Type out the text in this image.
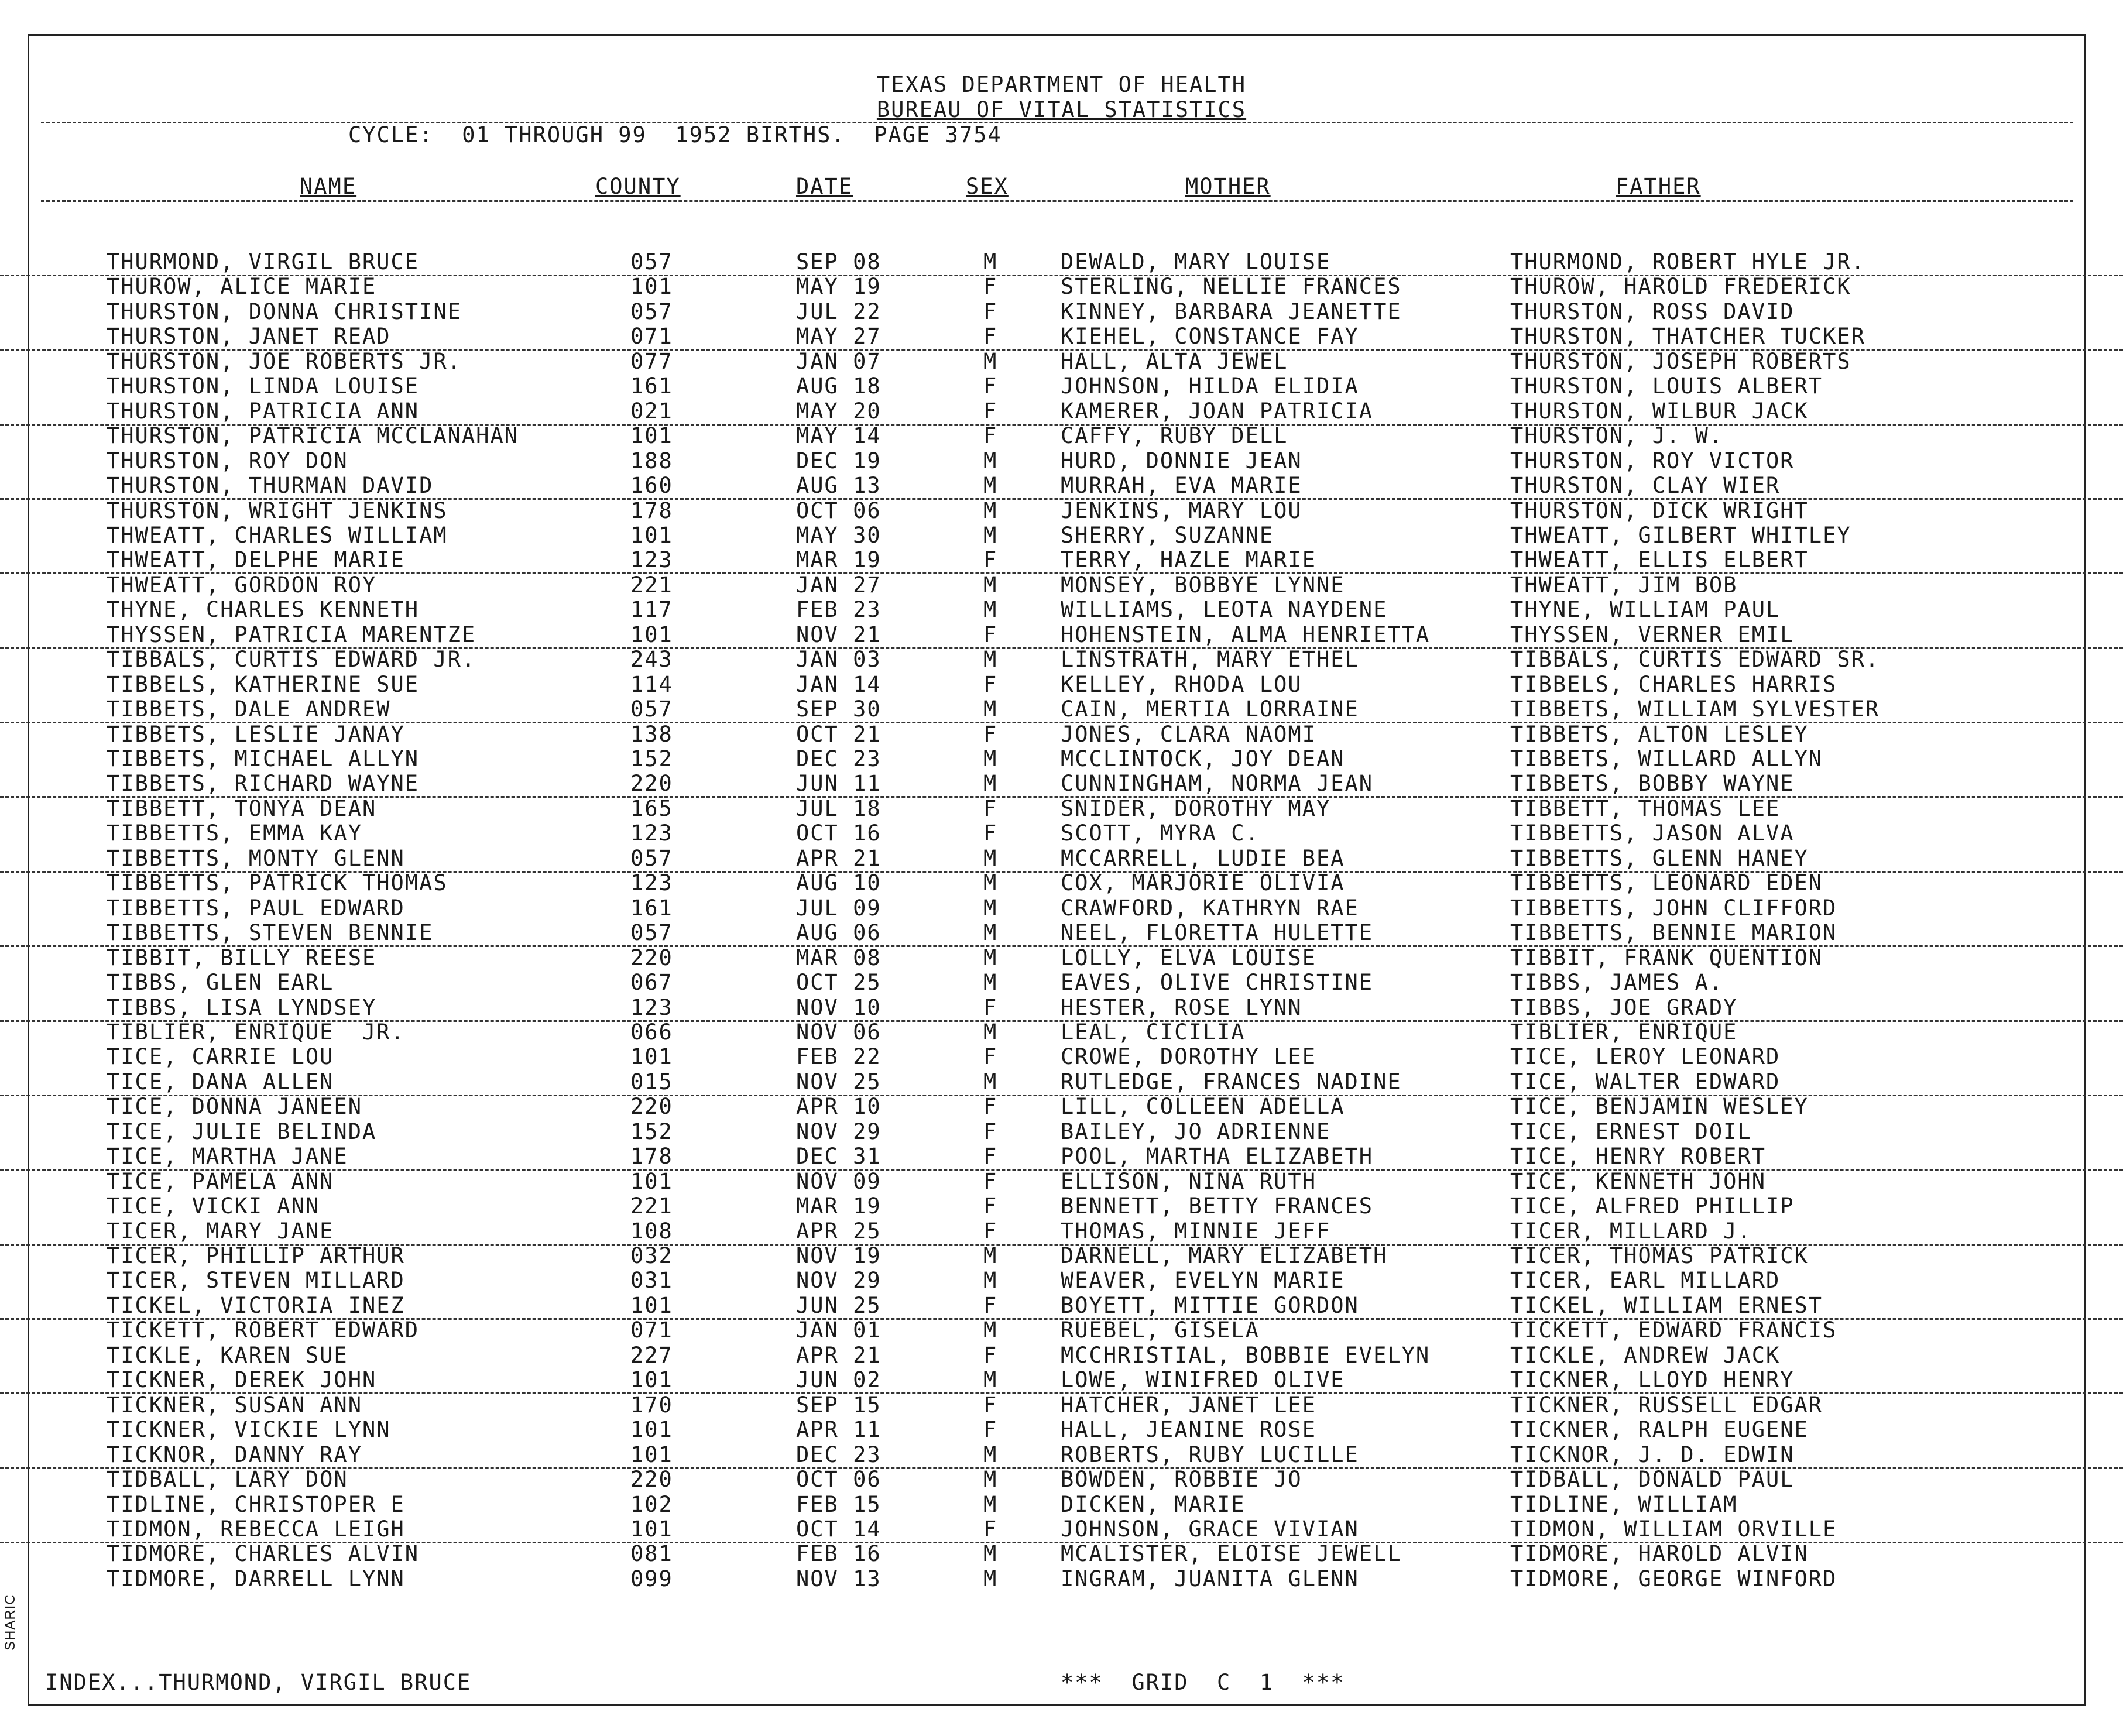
TEXAS DEPARTMENT OF HEALTH
BUREAU OF VITAL STATISTICS
CYCLE:  01 THROUGH 99  1952 BIRTHS.  PAGE 3754
NAME	COUNTY	DATE	SEX	MOTHER	FATHER
THURMOND, VIRGIL BRUCE	057	SEP 08	M	DEWALD, MARY LOUISE	THURMOND, ROBERT HYLE JR.
THUROW, ALICE MARIE	101	MAY 19	F	STERLING, NELLIE FRANCES	THUROW, HAROLD FREDERICK
THURSTON, DONNA CHRISTINE	057	JUL 22	F	KINNEY, BARBARA JEANETTE	THURSTON, ROSS DAVID
THURSTON, JANET READ	071	MAY 27	F	KIEHEL, CONSTANCE FAY	THURSTON, THATCHER TUCKER
THURSTON, JOE ROBERTS JR.	077	JAN 07	M	HALL, ALTA JEWEL	THURSTON, JOSEPH ROBERTS
THURSTON, LINDA LOUISE	161	AUG 18	F	JOHNSON, HILDA ELIDIA	THURSTON, LOUIS ALBERT
THURSTON, PATRICIA ANN	021	MAY 20	F	KAMERER, JOAN PATRICIA	THURSTON, WILBUR JACK
THURSTON, PATRICIA MCCLANAHAN	101	MAY 14	F	CAFFY, RUBY DELL	THURSTON, J. W.
THURSTON, ROY DON	188	DEC 19	M	HURD, DONNIE JEAN	THURSTON, ROY VICTOR
THURSTON, THURMAN DAVID	160	AUG 13	M	MURRAH, EVA MARIE	THURSTON, CLAY WIER
THURSTON, WRIGHT JENKINS	178	OCT 06	M	JENKINS, MARY LOU	THURSTON, DICK WRIGHT
THWEATT, CHARLES WILLIAM	101	MAY 30	M	SHERRY, SUZANNE	THWEATT, GILBERT WHITLEY
THWEATT, DELPHE MARIE	123	MAR 19	F	TERRY, HAZLE MARIE	THWEATT, ELLIS ELBERT
THWEATT, GORDON ROY	221	JAN 27	M	MONSEY, BOBBYE LYNNE	THWEATT, JIM BOB
THYNE, CHARLES KENNETH	117	FEB 23	M	WILLIAMS, LEOTA NAYDENE	THYNE, WILLIAM PAUL
THYSSEN, PATRICIA MARENTZE	101	NOV 21	F	HOHENSTEIN, ALMA HENRIETTA	THYSSEN, VERNER EMIL
TIBBALS, CURTIS EDWARD JR.	243	JAN 03	M	LINSTRATH, MARY ETHEL	TIBBALS, CURTIS EDWARD SR.
TIBBELS, KATHERINE SUE	114	JAN 14	F	KELLEY, RHODA LOU	TIBBELS, CHARLES HARRIS
TIBBETS, DALE ANDREW	057	SEP 30	M	CAIN, MERTIA LORRAINE	TIBBETS, WILLIAM SYLVESTER
TIBBETS, LESLIE JANAY	138	OCT 21	F	JONES, CLARA NAOMI	TIBBETS, ALTON LESLEY
TIBBETS, MICHAEL ALLYN	152	DEC 23	M	MCCLINTOCK, JOY DEAN	TIBBETS, WILLARD ALLYN
TIBBETS, RICHARD WAYNE	220	JUN 11	M	CUNNINGHAM, NORMA JEAN	TIBBETS, BOBBY WAYNE
TIBBETT, TONYA DEAN	165	JUL 18	F	SNIDER, DOROTHY MAY	TIBBETT, THOMAS LEE
TIBBETTS, EMMA KAY	123	OCT 16	F	SCOTT, MYRA C.	TIBBETTS, JASON ALVA
TIBBETTS, MONTY GLENN	057	APR 21	M	MCCARRELL, LUDIE BEA	TIBBETTS, GLENN HANEY
TIBBETTS, PATRICK THOMAS	123	AUG 10	M	COX, MARJORIE OLIVIA	TIBBETTS, LEONARD EDEN
TIBBETTS, PAUL EDWARD	161	JUL 09	M	CRAWFORD, KATHRYN RAE	TIBBETTS, JOHN CLIFFORD
TIBBETTS, STEVEN BENNIE	057	AUG 06	M	NEEL, FLORETTA HULETTE	TIBBETTS, BENNIE MARION
TIBBIT, BILLY REESE	220	MAR 08	M	LOLLY, ELVA LOUISE	TIBBIT, FRANK QUENTION
TIBBS, GLEN EARL	067	OCT 25	M	EAVES, OLIVE CHRISTINE	TIBBS, JAMES A.
TIBBS, LISA LYNDSEY	123	NOV 10	F	HESTER, ROSE LYNN	TIBBS, JOE GRADY
TIBLIER, ENRIQUE  JR.	066	NOV 06	M	LEAL, CICILIA	TIBLIER, ENRIQUE
TICE, CARRIE LOU	101	FEB 22	F	CROWE, DOROTHY LEE	TICE, LEROY LEONARD
TICE, DANA ALLEN	015	NOV 25	M	RUTLEDGE, FRANCES NADINE	TICE, WALTER EDWARD
TICE, DONNA JANEEN	220	APR 10	F	LILL, COLLEEN ADELLA	TICE, BENJAMIN WESLEY
TICE, JULIE BELINDA	152	NOV 29	F	BAILEY, JO ADRIENNE	TICE, ERNEST DOIL
TICE, MARTHA JANE	178	DEC 31	F	POOL, MARTHA ELIZABETH	TICE, HENRY ROBERT
TICE, PAMELA ANN	101	NOV 09	F	ELLISON, NINA RUTH	TICE, KENNETH JOHN
TICE, VICKI ANN	221	MAR 19	F	BENNETT, BETTY FRANCES	TICE, ALFRED PHILLIP
TICER, MARY JANE	108	APR 25	F	THOMAS, MINNIE JEFF	TICER, MILLARD J.
TICER, PHILLIP ARTHUR	032	NOV 19	M	DARNELL, MARY ELIZABETH	TICER, THOMAS PATRICK
TICER, STEVEN MILLARD	031	NOV 29	M	WEAVER, EVELYN MARIE	TICER, EARL MILLARD
TICKEL, VICTORIA INEZ	101	JUN 25	F	BOYETT, MITTIE GORDON	TICKEL, WILLIAM ERNEST
TICKETT, ROBERT EDWARD	071	JAN 01	M	RUEBEL, GISELA	TICKETT, EDWARD FRANCIS
TICKLE, KAREN SUE	227	APR 21	F	MCCHRISTIAL, BOBBIE EVELYN	TICKLE, ANDREW JACK
TICKNER, DEREK JOHN	101	JUN 02	M	LOWE, WINIFRED OLIVE	TICKNER, LLOYD HENRY
TICKNER, SUSAN ANN	170	SEP 15	F	HATCHER, JANET LEE	TICKNER, RUSSELL EDGAR
TICKNER, VICKIE LYNN	101	APR 11	F	HALL, JEANINE ROSE	TICKNER, RALPH EUGENE
TICKNOR, DANNY RAY	101	DEC 23	M	ROBERTS, RUBY LUCILLE	TICKNOR, J. D. EDWIN
TIDBALL, LARY DON	220	OCT 06	M	BOWDEN, ROBBIE JO	TIDBALL, DONALD PAUL
TIDLINE, CHRISTOPER E	102	FEB 15	M	DICKEN, MARIE	TIDLINE, WILLIAM
TIDMON, REBECCA LEIGH	101	OCT 14	F	JOHNSON, GRACE VIVIAN	TIDMON, WILLIAM ORVILLE
TIDMORE, CHARLES ALVIN	081	FEB 16	M	MCALISTER, ELOISE JEWELL	TIDMORE, HAROLD ALVIN
TIDMORE, DARRELL LYNN	099	NOV 13	M	INGRAM, JUANITA GLENN	TIDMORE, GEORGE WINFORD
INDEX...THURMOND, VIRGIL BRUCE	***  GRID  C  1  ***
SHARIC
